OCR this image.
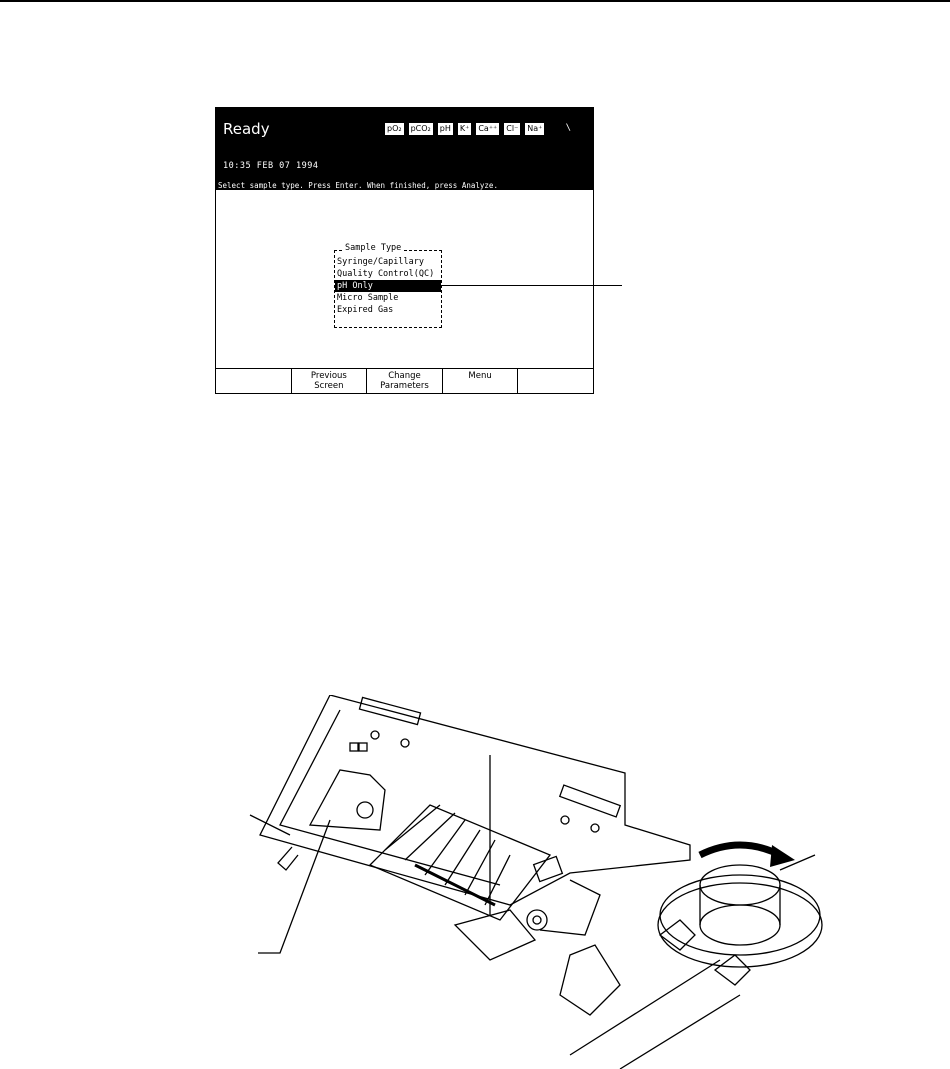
Ready	pO₂	pCO₂	pH	K⁺	Ca⁺⁺	Cl⁻	Na⁺	\
10:35 FEB 07 1994
Select sample type. Press Enter. When finished, press Analyze.
Sample Type
Syringe/Capillary
Quality Control(QC)
pH Only
Micro Sample
Expired Gas
Previous
Screen
Change
Parameters
Menu
